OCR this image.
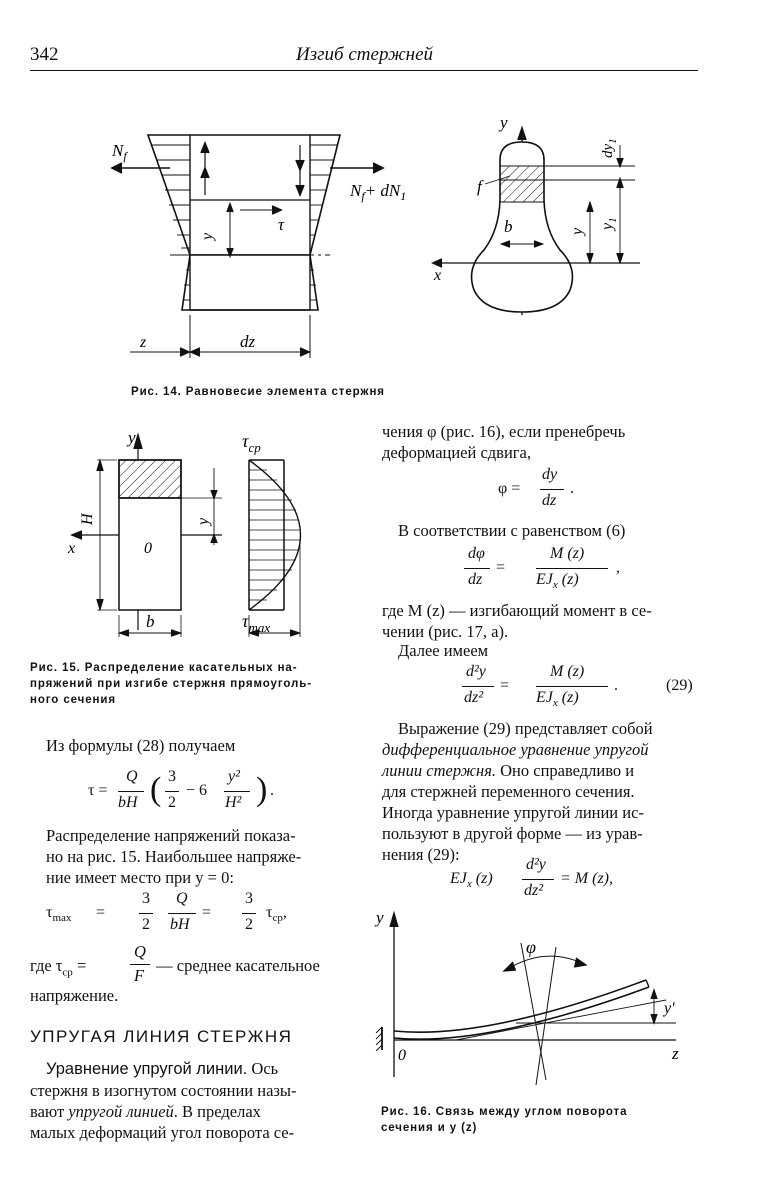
342	Изгиб стержней
$N_f$
$N_f+ dN_1$
y
τ
z	dz
y
x
f
b	y
$y_1$
$dy_1$
Рис. 14. Равновесие элемента стержня
y
x
H	y
0
b
$\tau_{cp}$
$\tau_{max}$
Рис. 15. Распределение касательных на-
пряжений при изгибе стержня прямоуголь-
ного сечения
Из формулы (28) получаем
τ =
Q
bH ( 3
2
− 6
y²
H² ) .
Распределение напряжений показа-
но на рис. 15. Наибольшее напряже-
ние имеет место при y = 0:
$\tau_{max}$ =
3
2
Q
bH
=
3
2
$\tau_{ср}$,
где $\tau_{cp}$ =
Q
F
— среднее касательное
напряжение.
УПРУГАЯ ЛИНИЯ СТЕРЖНЯ
Уравнение упругой линии. Ось
стержня в изогнутом состоянии назы-
вают упругой линией. В пределах
малых деформаций угол поворота се-
чения φ (рис. 16), если пренебречь
деформацией сдвига,
φ =
dy
dz
.
В соответствии с равенством (6)
dφ
dz
=
M (z)
$EJ_x$ (z)
,
где M (z) — изгибающий момент в се-
чении (рис. 17, a).
Далее имеем
d²y
dz²
=
M (z)
$EJ_x$ (z)
.	(29)
Выражение (29) представляет собой
дифференциальное уравнение упругой
линии стержня. Оно справедливо и
для стержней переменного сечения.
Иногда уравнение упругой линии ис-
пользуют в другой форме — из урав-
нения (29):
$EJ_x$ (z)
d²y
dz²
= M (z),
y
z
0
φ
y'
Рис. 16. Связь между углом поворота
сечения и y (z)
